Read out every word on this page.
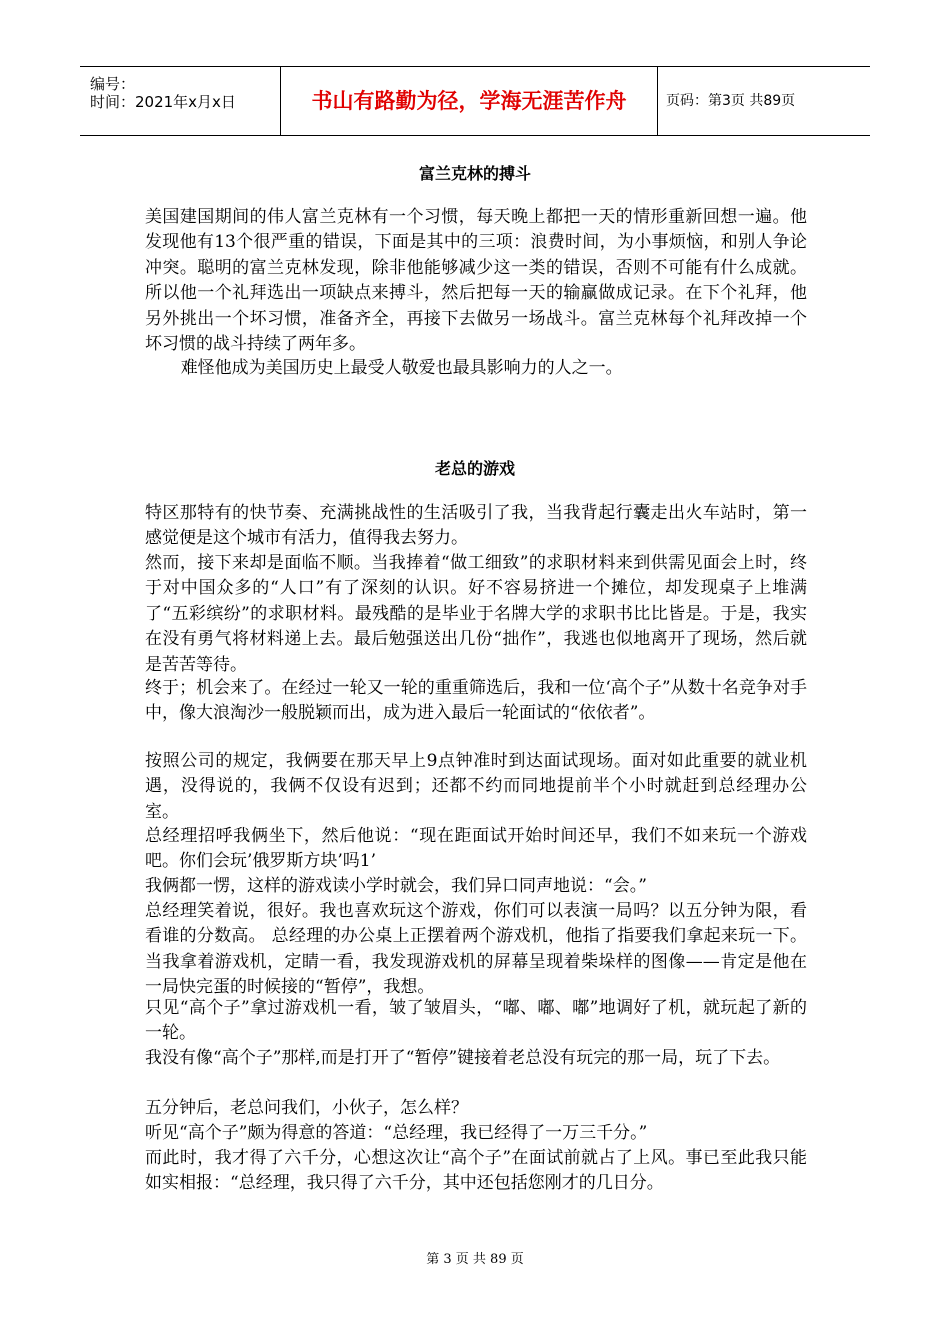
编号：
时间：2021年x月x日	书山有路勤为径，学海无涯苦作舟	页码：第3页 共89页
富兰克林的搏斗

美国建国期间的伟人富兰克林有一个习惯，每天晚上都把一天的情形重新回想一遍。他发现他有13个很严重的错误，下面是其中的三项：浪费时间，为小事烦恼，和别人争论冲突。聪明的富兰克林发现，除非他能够减少这一类的错误，否则不可能有什么成就。所以他一个礼拜选出一项缺点来搏斗，然后把每一天的输赢做成记录。在下个礼拜，他另外挑出一个坏习惯，准备齐全，再接下去做另一场战斗。富兰克林每个礼拜改掉一个坏习惯的战斗持续了两年多。

难怪他成为美国历史上最受人敬爱也最具影响力的人之一。

老总的游戏

特区那特有的快节奏、充满挑战性的生活吸引了我，当我背起行囊走出火车站时，第一感觉便是这个城市有活力，值得我去努力。

然而，接下来却是面临不顺。当我捧着“做工细致”的求职材料来到供需见面会上时，终于对中国众多的“人口”有了深刻的认识。好不容易挤进一个摊位，却发现桌子上堆满了“五彩缤纷”的求职材料。最残酷的是毕业于名牌大学的求职书比比皆是。于是，我实在没有勇气将材料递上去。最后勉强送出几份“拙作”，我逃也似地离开了现场，然后就是苦苦等待。

终于；机会来了。在经过一轮又一轮的重重筛选后，我和一位‘高个子”从数十名竞争对手中，像大浪淘沙一般脱颖而出，成为进入最后一轮面试的“依依者”。

按照公司的规定，我俩要在那天早上9点钟准时到达面试现场。面对如此重要的就业机遇，没得说的，我俩不仅设有迟到；还都不约而同地提前半个小时就赶到总经理办公室。

总经理招呼我俩坐下，然后他说：“现在距面试开始时间还早，我们不如来玩一个游戏吧。你们会玩’俄罗斯方块’吗1’

我俩都一愣，这样的游戏读小学时就会，我们异口同声地说：“会。”

总经理笑着说，很好。我也喜欢玩这个游戏，你们可以表演一局吗？以五分钟为限，看看谁的分数高。 总经理的办公桌上正摆着两个游戏机，他指了指要我们拿起来玩一下。当我拿着游戏机，定睛一看，我发现游戏机的屏幕呈现着柴垛样的图像——肯定是他在一局快完蛋的时候接的“暂停”，我想。

只见“高个子”拿过游戏机一看，皱了皱眉头，“嘟、嘟、嘟”地调好了机，就玩起了新的一轮。

我没有像“高个子”那样,而是打开了“暂停”键接着老总没有玩完的那一局，玩了下去。

五分钟后，老总问我们，小伙子，怎么样？

听见“高个子”颇为得意的答道：“总经理，我已经得了一万三千分。”

而此时，我才得了六千分，心想这次让“高个子”在面试前就占了上风。事已至此我只能如实相报：“总经理，我只得了六千分，其中还包括您刚才的几日分。

第 3 页 共 89 页
